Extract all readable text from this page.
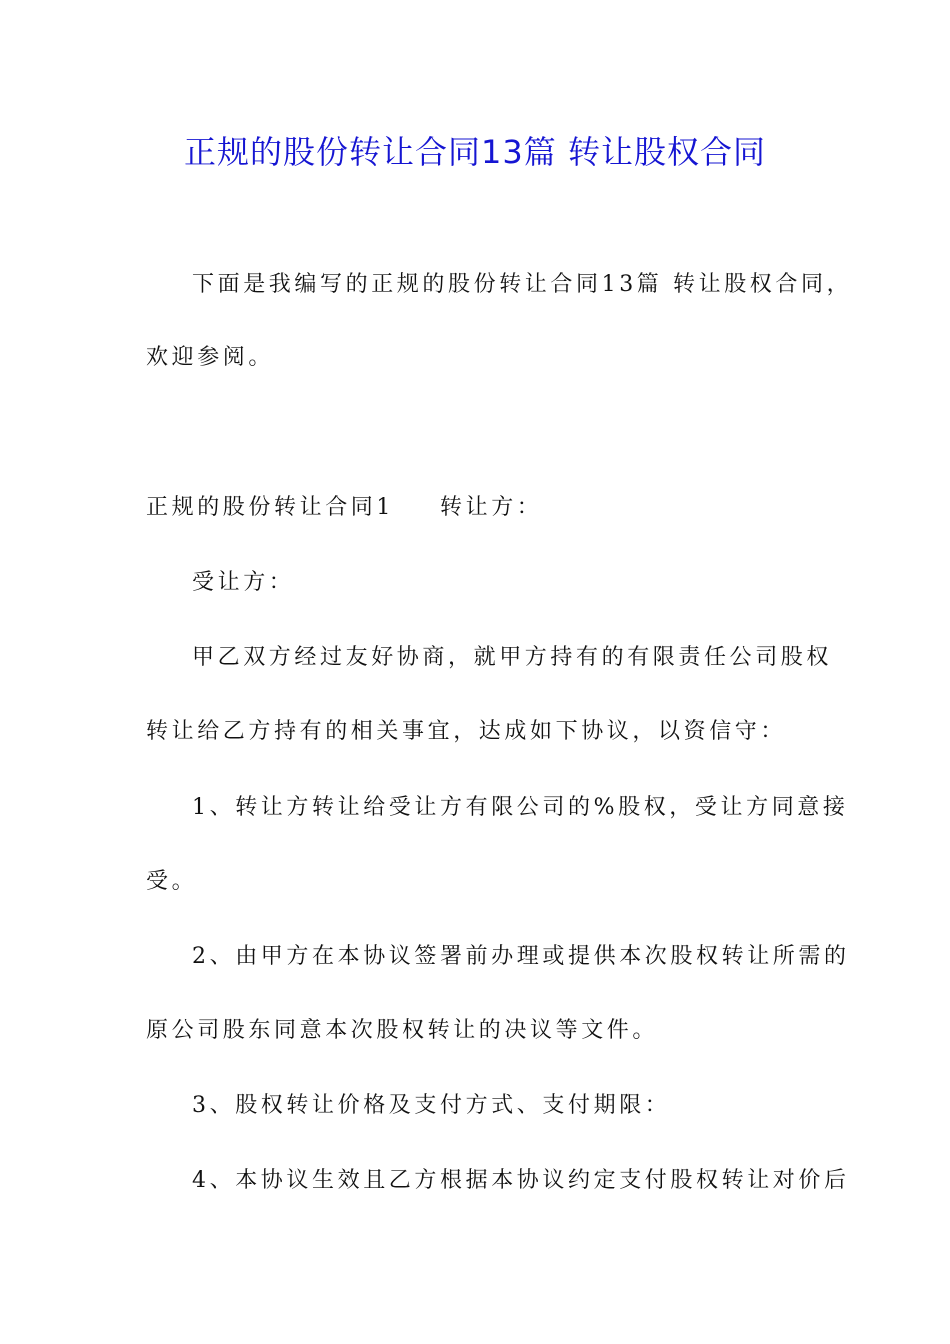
正规的股份转让合同13篇 转让股权合同
下面是我编写的正规的股份转让合同13篇 转让股权合同，
欢迎参阅。
正规的股份转让合同1 转让方：
受让方：
甲乙双方经过友好协商，就甲方持有的有限责任公司股权
转让给乙方持有的相关事宜，达成如下协议，以资信守：
1、转让方转让给受让方有限公司的%股权，受让方同意接
受。
2、由甲方在本协议签署前办理或提供本次股权转让所需的
原公司股东同意本次股权转让的决议等文件。
3、股权转让价格及支付方式、支付期限：
4、本协议生效且乙方根据本协议约定支付股权转让对价后
